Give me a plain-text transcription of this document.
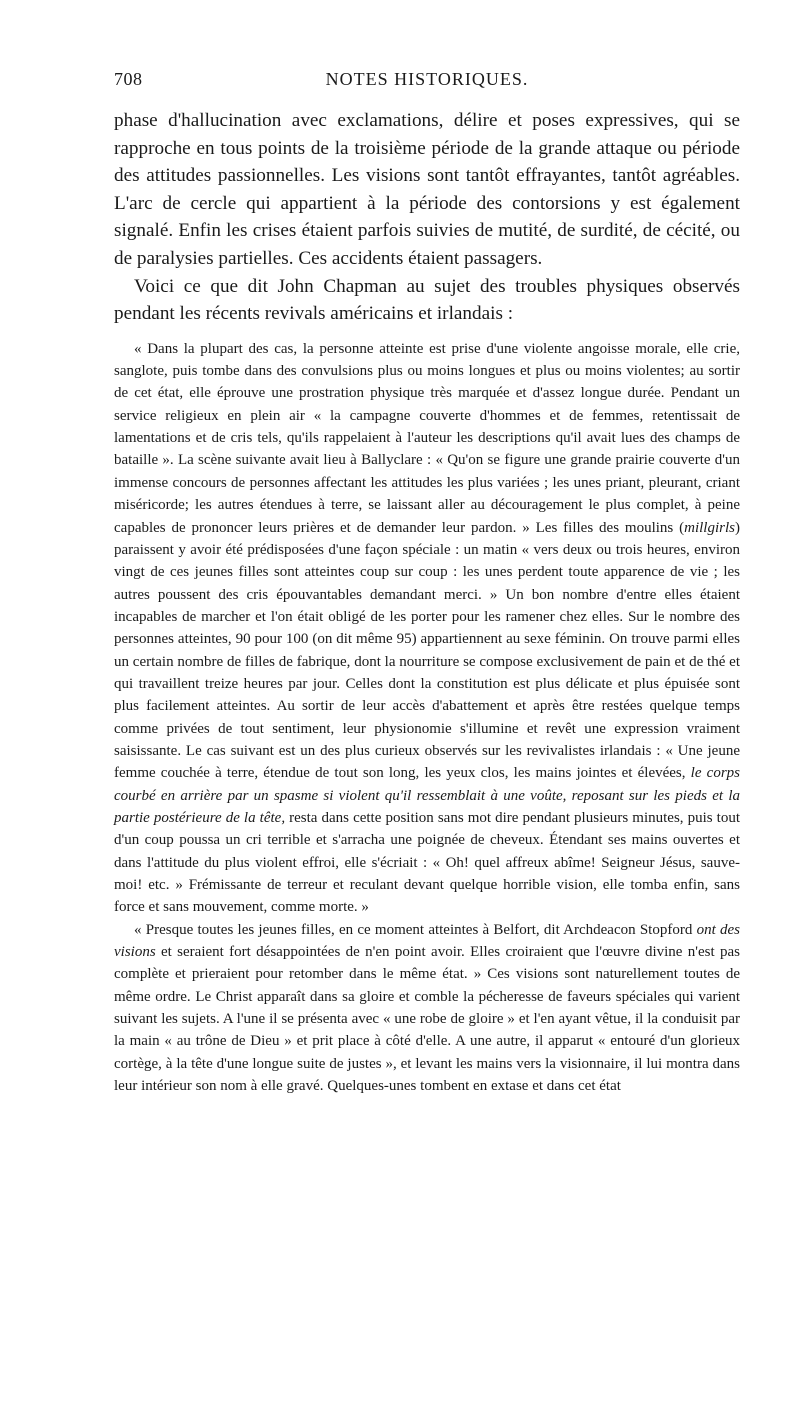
708	NOTES HISTORIQUES.

phase d'hallucination avec exclamations, délire et poses expressives, qui se rapproche en tous points de la troisième période de la grande attaque ou période des attitudes passionnelles. Les visions sont tantôt effrayantes, tantôt agréables. L'arc de cercle qui appartient à la période des contorsions y est également signalé. Enfin les crises étaient parfois suivies de mutité, de surdité, de cécité, ou de paralysies partielles. Ces accidents étaient passagers.

Voici ce que dit John Chapman au sujet des troubles physiques observés pendant les récents revivals américains et irlandais :

« Dans la plupart des cas, la personne atteinte est prise d'une violente angoisse morale, elle crie, sanglote, puis tombe dans des convulsions plus ou moins longues et plus ou moins violentes; au sortir de cet état, elle éprouve une prostration physique très marquée et d'assez longue durée. Pendant un service religieux en plein air « la campagne couverte d'hommes et de femmes, retentissait de lamentations et de cris tels, qu'ils rappelaient à l'auteur les descriptions qu'il avait lues des champs de bataille ». La scène suivante avait lieu à Ballyclare : « Qu'on se figure une grande prairie couverte d'un immense concours de personnes affectant les attitudes les plus variées ; les unes priant, pleurant, criant miséricorde; les autres étendues à terre, se laissant aller au découragement le plus complet, à peine capables de prononcer leurs prières et de demander leur pardon. » Les filles des moulins (millgirls) paraissent y avoir été prédisposées d'une façon spéciale : un matin « vers deux ou trois heures, environ vingt de ces jeunes filles sont atteintes coup sur coup : les unes perdent toute apparence de vie ; les autres poussent des cris épouvantables demandant merci. » Un bon nombre d'entre elles étaient incapables de marcher et l'on était obligé de les porter pour les ramener chez elles. Sur le nombre des personnes atteintes, 90 pour 100 (on dit même 95) appartiennent au sexe féminin. On trouve parmi elles un certain nombre de filles de fabrique, dont la nourriture se compose exclusivement de pain et de thé et qui travaillent treize heures par jour. Celles dont la constitution est plus délicate et plus épuisée sont plus facilement atteintes. Au sortir de leur accès d'abattement et après être restées quelque temps comme privées de tout sentiment, leur physionomie s'illumine et revêt une expression vraiment saisissante. Le cas suivant est un des plus curieux observés sur les revivalistes irlandais : « Une jeune femme couchée à terre, étendue de tout son long, les yeux clos, les mains jointes et élevées, le corps courbé en arrière par un spasme si violent qu'il ressemblait à une voûte, reposant sur les pieds et la partie postérieure de la tête, resta dans cette position sans mot dire pendant plusieurs minutes, puis tout d'un coup poussa un cri terrible et s'arracha une poignée de cheveux. Étendant ses mains ouvertes et dans l'attitude du plus violent effroi, elle s'écriait : « Oh! quel affreux abîme! Seigneur Jésus, sauve-moi! etc. » Frémissante de terreur et reculant devant quelque horrible vision, elle tomba enfin, sans force et sans mouvement, comme morte. »

« Presque toutes les jeunes filles, en ce moment atteintes à Belfort, dit Archdeacon Stopford ont des visions et seraient fort désappointées de n'en point avoir. Elles croiraient que l'œuvre divine n'est pas complète et prieraient pour retomber dans le même état. » Ces visions sont naturellement toutes de même ordre. Le Christ apparaît dans sa gloire et comble la pécheresse de faveurs spéciales qui varient suivant les sujets. A l'une il se présenta avec « une robe de gloire » et l'en ayant vêtue, il la conduisit par la main « au trône de Dieu » et prit place à côté d'elle. A une autre, il apparut « entouré d'un glorieux cortège, à la tête d'une longue suite de justes », et levant les mains vers la visionnaire, il lui montra dans leur intérieur son nom à elle gravé. Quelques-unes tombent en extase et dans cet état
